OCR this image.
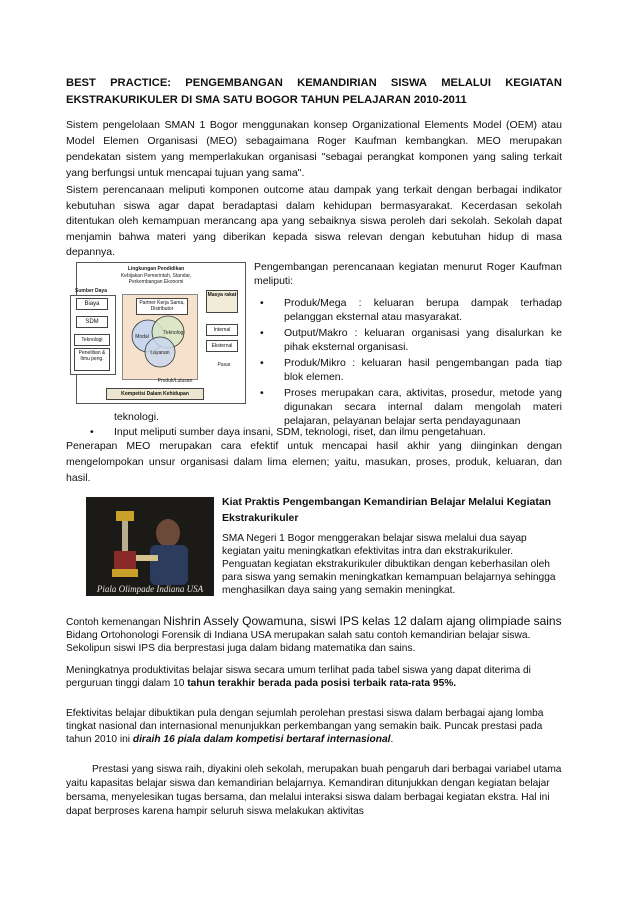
BEST PRACTICE: PENGEMBANGAN KEMANDIRIAN SISWA MELALUI KEGIATAN
EKSTRAKURIKULER DI SMA SATU BOGOR TAHUN PELAJARAN 2010-2011
Sistem pengelolaan SMAN 1 Bogor menggunakan konsep Organizational Elements Model (OEM) atau Model Elemen Organisasi (MEO) sebagaimana Roger Kaufman kembangkan. MEO merupakan pendekatan sistem yang memperlakukan organisasi "sebagai perangkat komponen yang saling terkait yang berfungsi untuk mencapai tujuan yang sama".
Sistem perencanaan meliputi komponen outcome atau dampak yang terkait dengan berbagai indikator kebutuhan siswa agar dapat beradaptasi dalam kehidupan bermasyarakat. Kecerdasan sekolah ditentukan oleh kemampuan merancang apa yang sebaiknya siswa peroleh dari sekolah. Sekolah dapat menjamin bahwa materi yang diberikan kepada siswa relevan dengan kebutuhan hidup di masa depannya.
Lingkungan Pendidikan
Kebijakan Pemerintah, Standar,
Perkembangan Ekonomi
Sumber Daya
Biaya
SDM
Teknologi
Penelitian & Ilmu peng.
Partner Kerja Sama, Distributor
Modal
Teknologi
Layanan
Masya rakat
Internal
Eksternal
Pasar
Produk/Lulusan
Kompetisi Dalam Kehidupan
Pengembangan perencanaan kegiatan menurut Roger Kaufman meliputi:
• Produk/Mega : keluaran berupa dampak terhadap pelanggan eksternal atau masyarakat.
• Output/Makro : keluaran organisasi yang disalurkan ke pihak eksternal organisasi.
• Produk/Mikro : keluaran hasil pengembangan pada tiap blok elemen.
• Proses merupakan cara, aktivitas, prosedur, metode yang digunakan secara internal dalam mengolah materi pelajaran, pelayanan belajar serta pendayagunaan
teknologi.
• Input meliputi sumber daya insani, SDM, teknologi, riset, dan ilmu pengetahuan.
Penerapan MEO merupakan cara efektif untuk mencapai hasil akhir yang diinginkan dengan mengelompokan unsur organisasi dalam lima elemen; yaitu, masukan, proses, produk, keluaran, dan hasil.
Piala Olimpade Indiana USA
Kiat Praktis Pengembangan Kemandirian Belajar Melalui Kegiatan Ekstrakurikuler
SMA Negeri 1 Bogor menggerakan belajar siswa melalui dua sayap kegiatan yaitu meningkatkan efektivitas intra dan ekstrakurikuler.
Penguatan kegiatan ekstrakurikuler dibuktikan dengan keberhasilan oleh para siswa yang semakin meningkatkan kemampuan belajarnya sehingga menghasilkan daya saing yang semakin meningkat.
Contoh kemenangan Nishrin Assely Qowamuna, siswi IPS kelas 12 dalam ajang olimpiade sains Bidang Ortohonologi Forensik di Indiana USA merupakan salah satu contoh kemandirian belajar siswa. Sekolipun siswi IPS dia berprestasi juga dalam bidang matematika dan sains.
Meningkatnya produktivitas belajar siswa secara umum terlihat pada tabel siswa yang dapat diterima di perguruan tinggi dalam 10 tahun terakhir berada pada posisi terbaik rata-rata 95%.
Efektivitas belajar dibuktikan pula dengan sejumlah perolehan prestasi siswa dalam berbagai ajang lomba tingkat nasional dan internasional menunjukkan perkembangan yang semakin baik. Puncak prestasi pada tahun 2010 ini diraih 16 piala dalam kompetisi bertaraf internasional.
Prestasi yang siswa raih, diyakini oleh sekolah, merupakan buah pengaruh dari berbagai variabel utama yaitu kapasitas belajar siswa dan kemandirian belajarnya. Kemandiran ditunjukkan dengan kegiatan belajar bersama, menyelesikan tugas bersama, dan melalui interaksi siswa dalam berbagai kegiatan ekstra. Hal ini dapat berproses karena hampir seluruh siswa melakukan aktivitas
